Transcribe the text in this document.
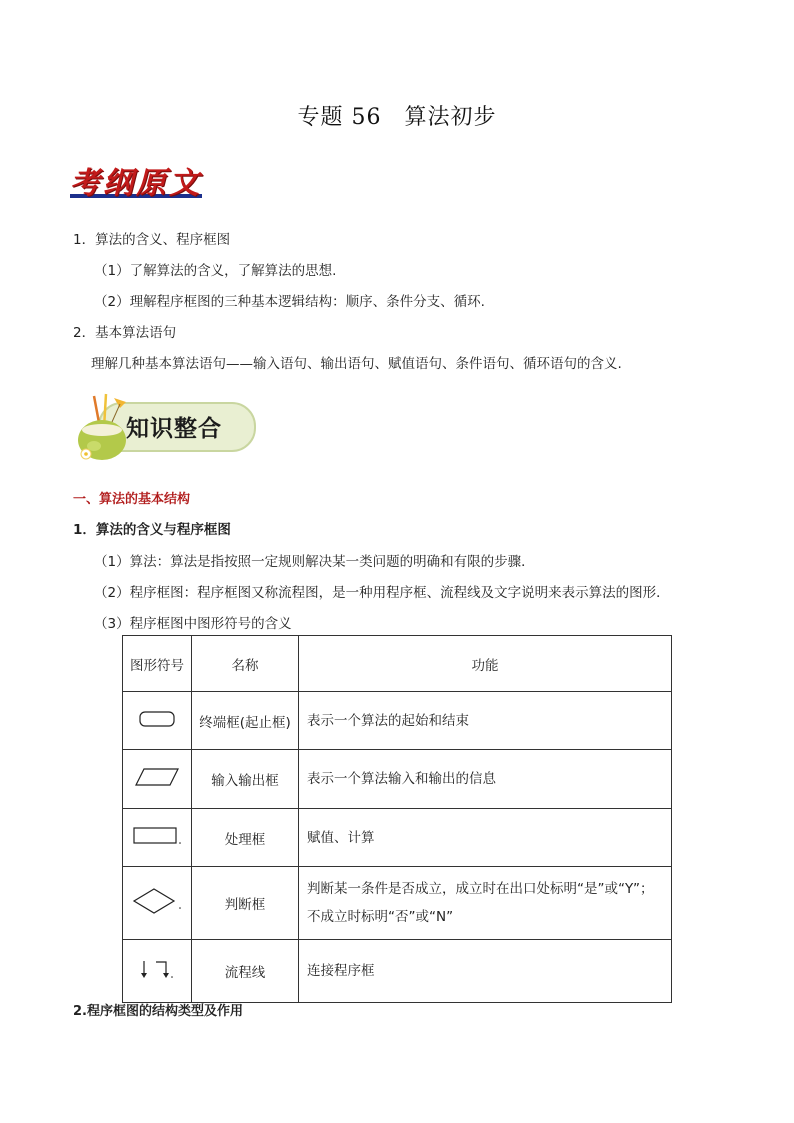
专题 56　算法初步
考纲原文
1．算法的含义、程序框图
（1）了解算法的含义，了解算法的思想.
（2）理解程序框图的三种基本逻辑结构：顺序、条件分支、循环.
2．基本算法语句
理解几种基本算法语句——输入语句、输出语句、赋值语句、条件语句、循环语句的含义.
知识整合
一、算法的基本结构
1．算法的含义与程序框图
（1）算法：算法是指按照一定规则解决某一类问题的明确和有限的步骤．
（2）程序框图：程序框图又称流程图，是一种用程序框、流程线及文字说明来表示算法的图形．
（3）程序框图中图形符号的含义
图形符号	名称	功能
	终端框(起止框)	表示一个算法的起始和结束
	输入输出框	表示一个算法输入和输出的信息
	处理框	赋值、计算
	判断框	判断某一条件是否成立，成立时在出口处标明“是”或“Y”；
不成立时标明“否”或“N”

	流程线	连接程序框
2.程序框图的结构类型及作用
